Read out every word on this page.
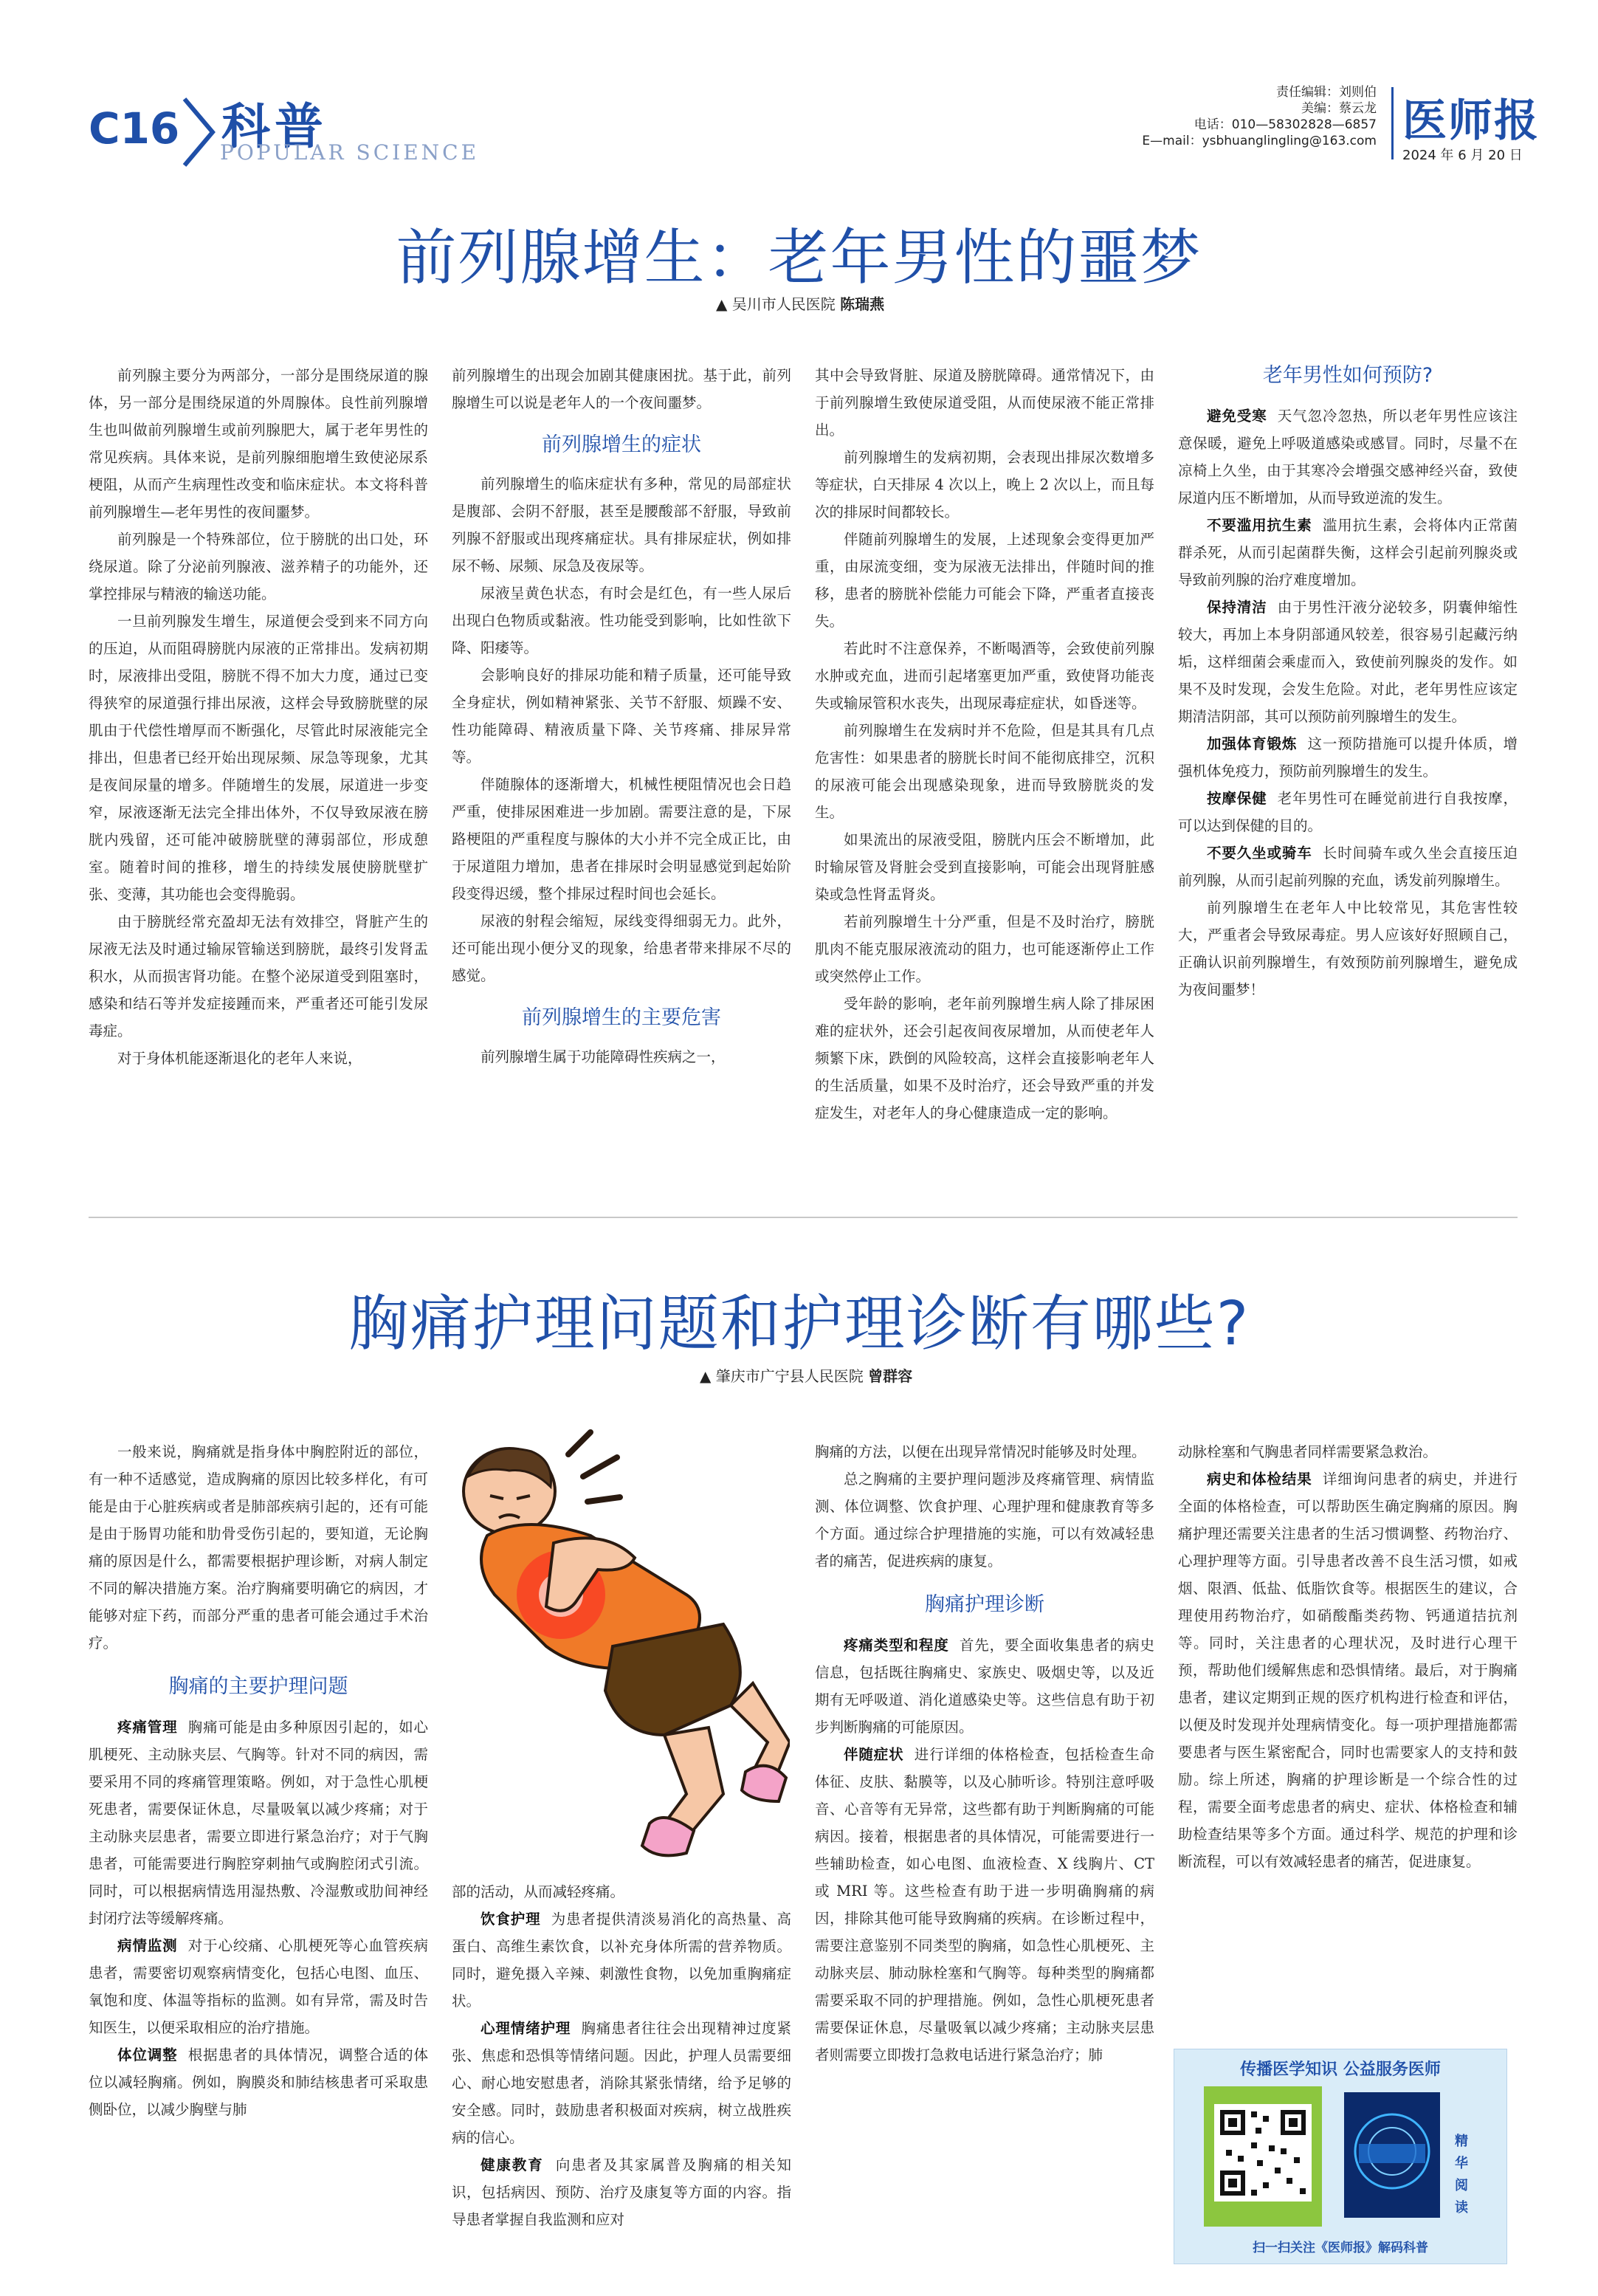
C16 科普
POPULAR SCIENCE
责任编辑：刘则伯
美编：蔡云龙
电话：010—58302828—6857
E—mail：ysbhuanglingling@163.com 医师报
2024 年 6 月 20 日
前列腺增生：老年男性的噩梦
▲ 吴川市人民医院 陈瑞燕

前列腺主要分为两部分，一部分是围绕尿道的腺体，另一部分是围绕尿道的外周腺体。良性前列腺增生也叫做前列腺增生或前列腺肥大，属于老年男性的常见疾病。具体来说，是前列腺细胞增生致使泌尿系梗阻，从而产生病理性改变和临床症状。本文将科普前列腺增生—老年男性的夜间噩梦。

前列腺是一个特殊部位，位于膀胱的出口处，环绕尿道。除了分泌前列腺液、滋养精子的功能外，还掌控排尿与精液的输送功能。

一旦前列腺发生增生，尿道便会受到来不同方向的压迫，从而阻碍膀胱内尿液的正常排出。发病初期时，尿液排出受阻，膀胱不得不加大力度，通过已变得狭窄的尿道强行排出尿液，这样会导致膀胱壁的尿肌由于代偿性增厚而不断强化，尽管此时尿液能完全排出，但患者已经开始出现尿频、尿急等现象，尤其是夜间尿量的增多。伴随增生的发展，尿道进一步变窄，尿液逐渐无法完全排出体外，不仅导致尿液在膀胱内残留，还可能冲破膀胱壁的薄弱部位，形成憩室。随着时间的推移，增生的持续发展使膀胱壁扩张、变薄，其功能也会变得脆弱。

由于膀胱经常充盈却无法有效排空，肾脏产生的尿液无法及时通过输尿管输送到膀胱，最终引发肾盂积水，从而损害肾功能。在整个泌尿道受到阻塞时，感染和结石等并发症接踵而来，严重者还可能引发尿毒症。

对于身体机能逐渐退化的老年人来说，

前列腺增生的出现会加剧其健康困扰。基于此，前列腺增生可以说是老年人的一个夜间噩梦。

前列腺增生的症状

前列腺增生的临床症状有多种，常见的局部症状是腹部、会阴不舒服，甚至是腰酸部不舒服，导致前列腺不舒服或出现疼痛症状。具有排尿症状，例如排尿不畅、尿频、尿急及夜尿等。

尿液呈黄色状态，有时会是红色，有一些人尿后出现白色物质或黏液。性功能受到影响，比如性欲下降、阳痿等。

会影响良好的排尿功能和精子质量，还可能导致全身症状，例如精神紧张、关节不舒服、烦躁不安、性功能障碍、精液质量下降、关节疼痛、排尿异常等。

伴随腺体的逐渐增大，机械性梗阻情况也会日趋严重，使排尿困难进一步加剧。需要注意的是，下尿路梗阻的严重程度与腺体的大小并不完全成正比，由于尿道阻力增加，患者在排尿时会明显感觉到起始阶段变得迟缓，整个排尿过程时间也会延长。

尿液的射程会缩短，尿线变得细弱无力。此外，还可能出现小便分叉的现象，给患者带来排尿不尽的感觉。

前列腺增生的主要危害

前列腺增生属于功能障碍性疾病之一，

其中会导致肾脏、尿道及膀胱障碍。通常情况下，由于前列腺增生致使尿道受阻，从而使尿液不能正常排出。

前列腺增生的发病初期，会表现出排尿次数增多等症状，白天排尿 4 次以上，晚上 2 次以上，而且每次的排尿时间都较长。

伴随前列腺增生的发展，上述现象会变得更加严重，由尿流变细，变为尿液无法排出，伴随时间的推移，患者的膀胱补偿能力可能会下降，严重者直接丧失。

若此时不注意保养，不断喝酒等，会致使前列腺水肿或充血，进而引起堵塞更加严重，致使肾功能丧失或输尿管积水丧失，出现尿毒症症状，如昏迷等。

前列腺增生在发病时并不危险，但是其具有几点危害性：如果患者的膀胱长时间不能彻底排空，沉积的尿液可能会出现感染现象，进而导致膀胱炎的发生。

如果流出的尿液受阻，膀胱内压会不断增加，此时输尿管及肾脏会受到直接影响，可能会出现肾脏感染或急性肾盂肾炎。

若前列腺增生十分严重，但是不及时治疗，膀胱肌肉不能克服尿液流动的阻力，也可能逐渐停止工作或突然停止工作。

受年龄的影响，老年前列腺增生病人除了排尿困难的症状外，还会引起夜间夜尿增加，从而使老年人频繁下床，跌倒的风险较高，这样会直接影响老年人的生活质量，如果不及时治疗，还会导致严重的并发症发生，对老年人的身心健康造成一定的影响。

老年男性如何预防?

避免受寒 天气忽冷忽热，所以老年男性应该注意保暖，避免上呼吸道感染或感冒。同时，尽量不在凉椅上久坐，由于其寒冷会增强交感神经兴奋，致使尿道内压不断增加，从而导致逆流的发生。

不要滥用抗生素 滥用抗生素，会将体内正常菌群杀死，从而引起菌群失衡，这样会引起前列腺炎或导致前列腺的治疗难度增加。

保持清洁 由于男性汗液分泌较多，阴囊伸缩性较大，再加上本身阴部通风较差，很容易引起藏污纳垢，这样细菌会乘虚而入，致使前列腺炎的发作。如果不及时发现，会发生危险。对此，老年男性应该定期清洁阴部，其可以预防前列腺增生的发生。

加强体育锻炼 这一预防措施可以提升体质，增强机体免疫力，预防前列腺增生的发生。

按摩保健 老年男性可在睡觉前进行自我按摩，可以达到保健的目的。

不要久坐或骑车 长时间骑车或久坐会直接压迫前列腺，从而引起前列腺的充血，诱发前列腺增生。

前列腺增生在老年人中比较常见，其危害性较大，严重者会导致尿毒症。男人应该好好照顾自己，正确认识前列腺增生，有效预防前列腺增生，避免成为夜间噩梦！

胸痛护理问题和护理诊断有哪些?
▲ 肇庆市广宁县人民医院 曾群容

一般来说，胸痛就是指身体中胸腔附近的部位，有一种不适感觉，造成胸痛的原因比较多样化，有可能是由于心脏疾病或者是肺部疾病引起的，还有可能是由于肠胃功能和肋骨受伤引起的，要知道，无论胸痛的原因是什么，都需要根据护理诊断，对病人制定不同的解决措施方案。治疗胸痛要明确它的病因，才能够对症下药，而部分严重的患者可能会通过手术治疗。

胸痛的主要护理问题

疼痛管理 胸痛可能是由多种原因引起的，如心肌梗死、主动脉夹层、气胸等。针对不同的病因，需要采用不同的疼痛管理策略。例如，对于急性心肌梗死患者，需要保证休息，尽量吸氧以减少疼痛；对于主动脉夹层患者，需要立即进行紧急治疗；对于气胸患者，可能需要进行胸腔穿刺抽气或胸腔闭式引流。同时，可以根据病情选用湿热敷、冷湿敷或肋间神经封闭疗法等缓解疼痛。

病情监测 对于心绞痛、心肌梗死等心血管疾病患者，需要密切观察病情变化，包括心电图、血压、氧饱和度、体温等指标的监测。如有异常，需及时告知医生，以便采取相应的治疗措施。

体位调整 根据患者的具体情况，调整合适的体位以减轻胸痛。例如，胸膜炎和肺结核患者可采取患侧卧位，以减少胸壁与肺

部的活动，从而减轻疼痛。

饮食护理 为患者提供清淡易消化的高热量、高蛋白、高维生素饮食，以补充身体所需的营养物质。同时，避免摄入辛辣、刺激性食物，以免加重胸痛症状。

心理情绪护理 胸痛患者往往会出现精神过度紧张、焦虑和恐惧等情绪问题。因此，护理人员需要细心、耐心地安慰患者，消除其紧张情绪，给予足够的安全感。同时，鼓励患者积极面对疾病，树立战胜疾病的信心。

健康教育 向患者及其家属普及胸痛的相关知识，包括病因、预防、治疗及康复等方面的内容。指导患者掌握自我监测和应对

胸痛的方法，以便在出现异常情况时能够及时处理。

总之胸痛的主要护理问题涉及疼痛管理、病情监测、体位调整、饮食护理、心理护理和健康教育等多个方面。通过综合护理措施的实施，可以有效减轻患者的痛苦，促进疾病的康复。

胸痛护理诊断

疼痛类型和程度 首先，要全面收集患者的病史信息，包括既往胸痛史、家族史、吸烟史等，以及近期有无呼吸道、消化道感染史等。这些信息有助于初步判断胸痛的可能原因。

伴随症状 进行详细的体格检查，包括检查生命体征、皮肤、黏膜等，以及心肺听诊。特别注意呼吸音、心音等有无异常，这些都有助于判断胸痛的可能病因。接着，根据患者的具体情况，可能需要进行一些辅助检查，如心电图、血液检查、X 线胸片、CT 或 MRI 等。这些检查有助于进一步明确胸痛的病因，排除其他可能导致胸痛的疾病。在诊断过程中，需要注意鉴别不同类型的胸痛，如急性心肌梗死、主动脉夹层、肺动脉栓塞和气胸等。每种类型的胸痛都需要采取不同的护理措施。例如，急性心肌梗死患者需要保证休息，尽量吸氧以减少疼痛；主动脉夹层患者则需要立即拨打急救电话进行紧急治疗；肺

动脉栓塞和气胸患者同样需要紧急救治。

病史和体检结果 详细询问患者的病史，并进行全面的体格检查，可以帮助医生确定胸痛的原因。胸痛护理还需要关注患者的生活习惯调整、药物治疗、心理护理等方面。引导患者改善不良生活习惯，如戒烟、限酒、低盐、低脂饮食等。根据医生的建议，合理使用药物治疗，如硝酸酯类药物、钙通道拮抗剂等。同时，关注患者的心理状况，及时进行心理干预，帮助他们缓解焦虑和恐惧情绪。最后，对于胸痛患者，建议定期到正规的医疗机构进行检查和评估，以便及时发现并处理病情变化。每一项护理措施都需要患者与医生紧密配合，同时也需要家人的支持和鼓励。综上所述，胸痛的护理诊断是一个综合性的过程，需要全面考虑患者的病史、症状、体格检查和辅助检查结果等多个方面。通过科学、规范的护理和诊断流程，可以有效减轻患者的痛苦，促进康复。

传播医学知识 公益服务医师
精华阅读
扫一扫关注《医师报》解码科普
